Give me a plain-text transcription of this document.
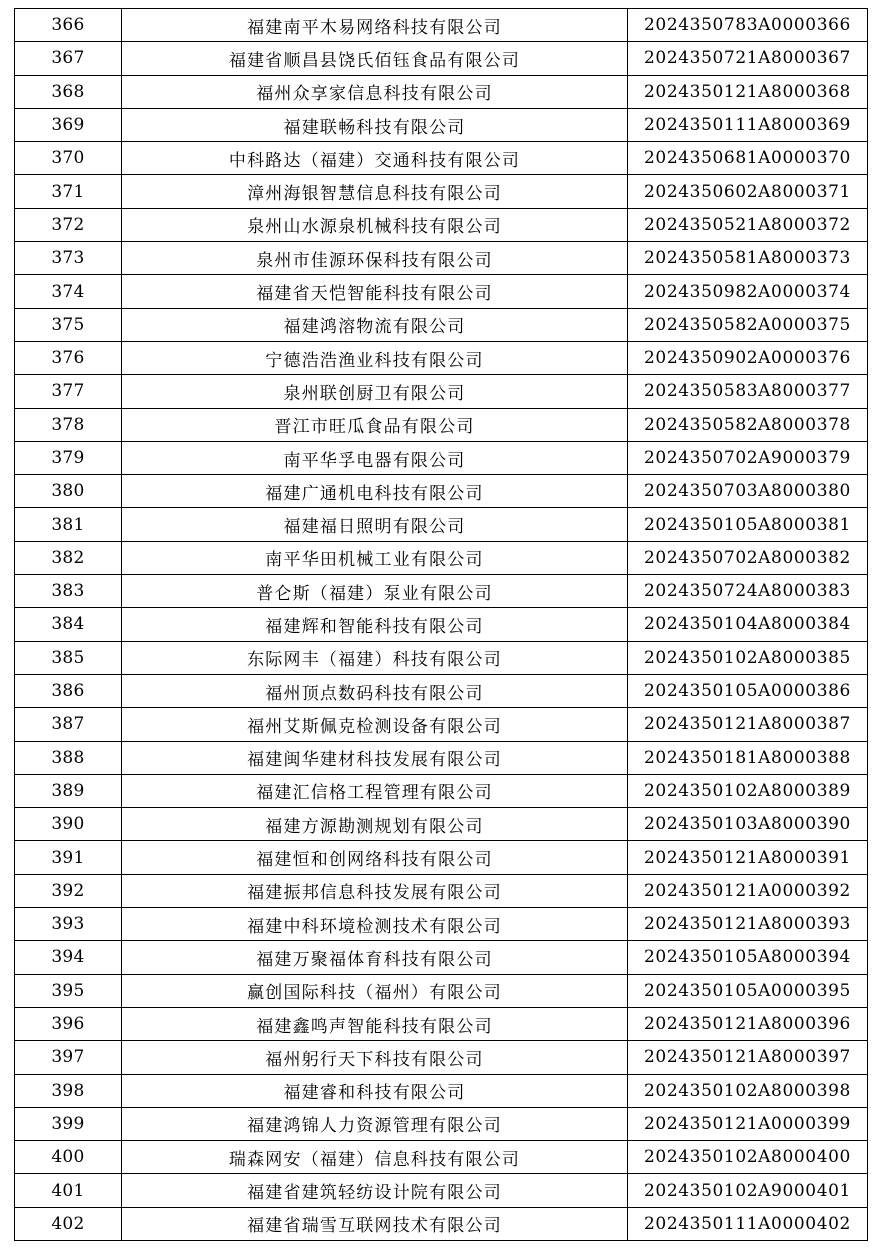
366	福建南平木易网络科技有限公司	2024350783A0000366
367	福建省顺昌县饶氏佰钰食品有限公司	2024350721A8000367
368	福州众享家信息科技有限公司	2024350121A8000368
369	福建联畅科技有限公司	2024350111A8000369
370	中科路达（福建）交通科技有限公司	2024350681A0000370
371	漳州海银智慧信息科技有限公司	2024350602A8000371
372	泉州山水源泉机械科技有限公司	2024350521A8000372
373	泉州市佳源环保科技有限公司	2024350581A8000373
374	福建省天恺智能科技有限公司	2024350982A0000374
375	福建鸿溶物流有限公司	2024350582A0000375
376	宁德浩浩渔业科技有限公司	2024350902A0000376
377	泉州联创厨卫有限公司	2024350583A8000377
378	晋江市旺瓜食品有限公司	2024350582A8000378
379	南平华孚电器有限公司	2024350702A9000379
380	福建广通机电科技有限公司	2024350703A8000380
381	福建福日照明有限公司	2024350105A8000381
382	南平华田机械工业有限公司	2024350702A8000382
383	普仑斯（福建）泵业有限公司	2024350724A8000383
384	福建辉和智能科技有限公司	2024350104A8000384
385	东际网丰（福建）科技有限公司	2024350102A8000385
386	福州顶点数码科技有限公司	2024350105A0000386
387	福州艾斯佩克检测设备有限公司	2024350121A8000387
388	福建闽华建材科技发展有限公司	2024350181A8000388
389	福建汇信格工程管理有限公司	2024350102A8000389
390	福建方源勘测规划有限公司	2024350103A8000390
391	福建恒和创网络科技有限公司	2024350121A8000391
392	福建振邦信息科技发展有限公司	2024350121A0000392
393	福建中科环境检测技术有限公司	2024350121A8000393
394	福建万聚福体育科技有限公司	2024350105A8000394
395	赢创国际科技（福州）有限公司	2024350105A0000395
396	福建鑫鸣声智能科技有限公司	2024350121A8000396
397	福州躬行天下科技有限公司	2024350121A8000397
398	福建睿和科技有限公司	2024350102A8000398
399	福建鸿锦人力资源管理有限公司	2024350121A0000399
400	瑞森网安（福建）信息科技有限公司	2024350102A8000400
401	福建省建筑轻纺设计院有限公司	2024350102A9000401
402	福建省瑞雪互联网技术有限公司	2024350111A0000402
